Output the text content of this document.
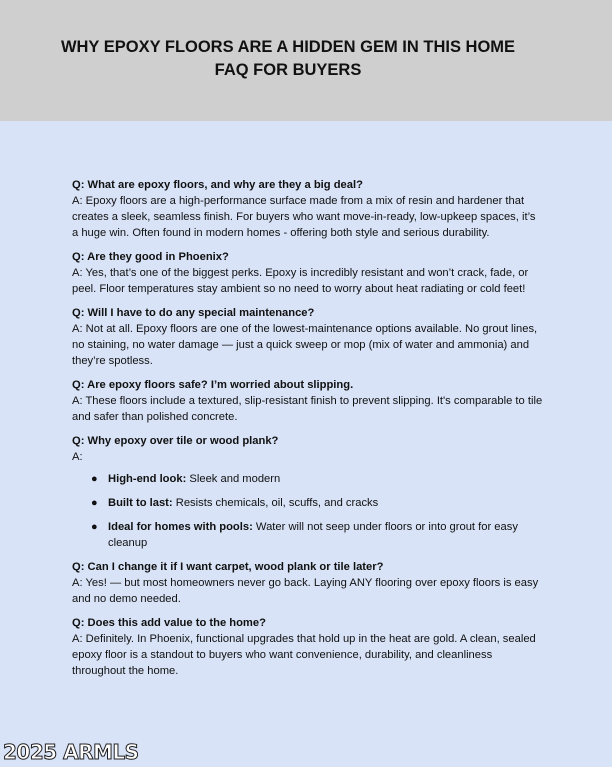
WHY EPOXY FLOORS ARE A HIDDEN GEM IN THIS HOME
FAQ FOR BUYERS
Q: What are epoxy floors, and why are they a big deal?
A: Epoxy floors are a high-performance surface made from a mix of resin and hardener that creates a sleek, seamless finish. For buyers who want move-in-ready, low-upkeep spaces, it’s a huge win. Often found in modern homes - offering both style and serious durability.
Q: Are they good in Phoenix?
A: Yes, that’s one of the biggest perks. Epoxy is incredibly resistant and won’t crack, fade, or peel. Floor temperatures stay ambient so no need to worry about heat radiating or cold feet!
Q: Will I have to do any special maintenance?
A: Not at all. Epoxy floors are one of the lowest-maintenance options available. No grout lines, no staining, no water damage — just a quick sweep or mop (mix of water and ammonia) and they’re spotless.
Q: Are epoxy floors safe? I’m worried about slipping.
A: These floors include a textured, slip-resistant finish to prevent slipping. It's comparable to tile and safer than polished concrete.
Q: Why epoxy over tile or wood plank?
A:
● High-end look: Sleek and modern
● Built to last: Resists chemicals, oil, scuffs, and cracks
● Ideal for homes with pools: Water will not seep under floors or into grout for easy cleanup
Q: Can I change it if I want carpet, wood plank or tile later?
A: Yes! — but most homeowners never go back. Laying ANY flooring over epoxy floors is easy and no demo needed.
Q: Does this add value to the home?
A: Definitely. In Phoenix, functional upgrades that hold up in the heat are gold. A clean, sealed epoxy floor is a standout to buyers who want convenience, durability, and cleanliness throughout the home.
2025 ARMLS
